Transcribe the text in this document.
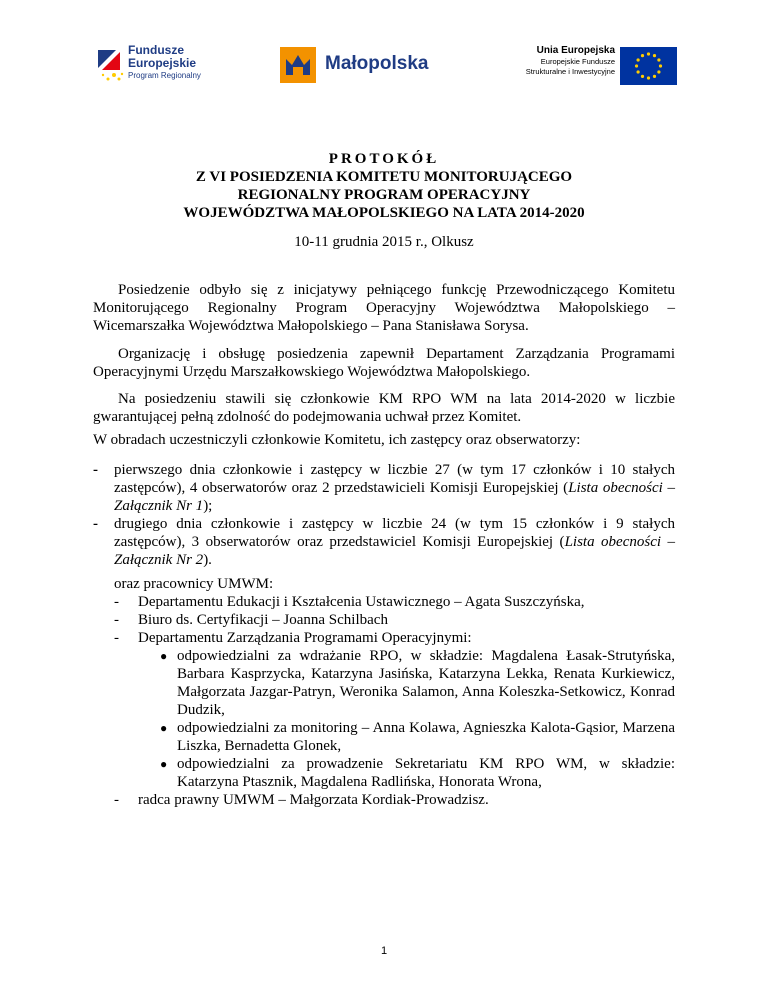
Fundusze
Europejskie
Program Regionalny
Małopolska
Unia Europejska
Europejskie Fundusze
Strukturalne i Inwestycyjne
PROTOKÓŁ
Z VI POSIEDZENIA KOMITETU MONITORUJĄCEGO
REGIONALNY PROGRAM OPERACYJNY
WOJEWÓDZTWA MAŁOPOLSKIEGO NA LATA 2014-2020
10-11 grudnia 2015 r., Olkusz

Posiedzenie odbyło się z inicjatywy pełniącego funkcję Przewodniczącego Komitetu Monitorującego Regionalny Program Operacyjny Województwa Małopolskiego – Wicemarszałka Województwa Małopolskiego – Pana Stanisława Sorysa.

Organizację i obsługę posiedzenia zapewnił Departament Zarządzania Programami Operacyjnymi Urzędu Marszałkowskiego Województwa Małopolskiego.

Na posiedzeniu stawili się członkowie KM RPO WM na lata 2014-2020 w liczbie gwarantującej pełną zdolność do podejmowania uchwał przez Komitet.

W obradach uczestniczyli członkowie Komitetu, ich zastępcy oraz obserwatorzy:

- pierwszego dnia członkowie i zastępcy w liczbie 27 (w tym 17 członków i 10 stałych zastępców), 4 obserwatorów oraz 2 przedstawicieli Komisji Europejskiej (Lista obecności – Załącznik Nr 1);

- drugiego dnia członkowie i zastępcy w liczbie 24 (w tym 15 członków i 9 stałych zastępców), 3 obserwatorów oraz przedstawiciel Komisji Europejskiej (Lista obecności – Załącznik Nr 2).

oraz pracownicy UMWM:
- Departamentu Edukacji i Kształcenia Ustawicznego – Agata Suszczyńska,
- Biuro ds. Certyfikacji – Joanna Schilbach
- Departamentu Zarządzania Programami Operacyjnymi:
● odpowiedzialni za wdrażanie RPO, w składzie: Magdalena Łasak-Strutyńska, Barbara Kasprzycka, Katarzyna Jasińska, Katarzyna Lekka, Renata Kurkiewicz, Małgorzata Jazgar-Patryn, Weronika Salamon, Anna Koleszka-Setkowicz, Konrad Dudzik,

● odpowiedzialni za monitoring – Anna Kolawa, Agnieszka Kalota-Gąsior, Marzena Liszka, Bernadetta Glonek,

● odpowiedzialni za prowadzenie Sekretariatu KM RPO WM, w składzie: Katarzyna Ptasznik, Magdalena Radlińska, Honorata Wrona,

- radca prawny UMWM – Małgorzata Kordiak-Prowadzisz.
1
